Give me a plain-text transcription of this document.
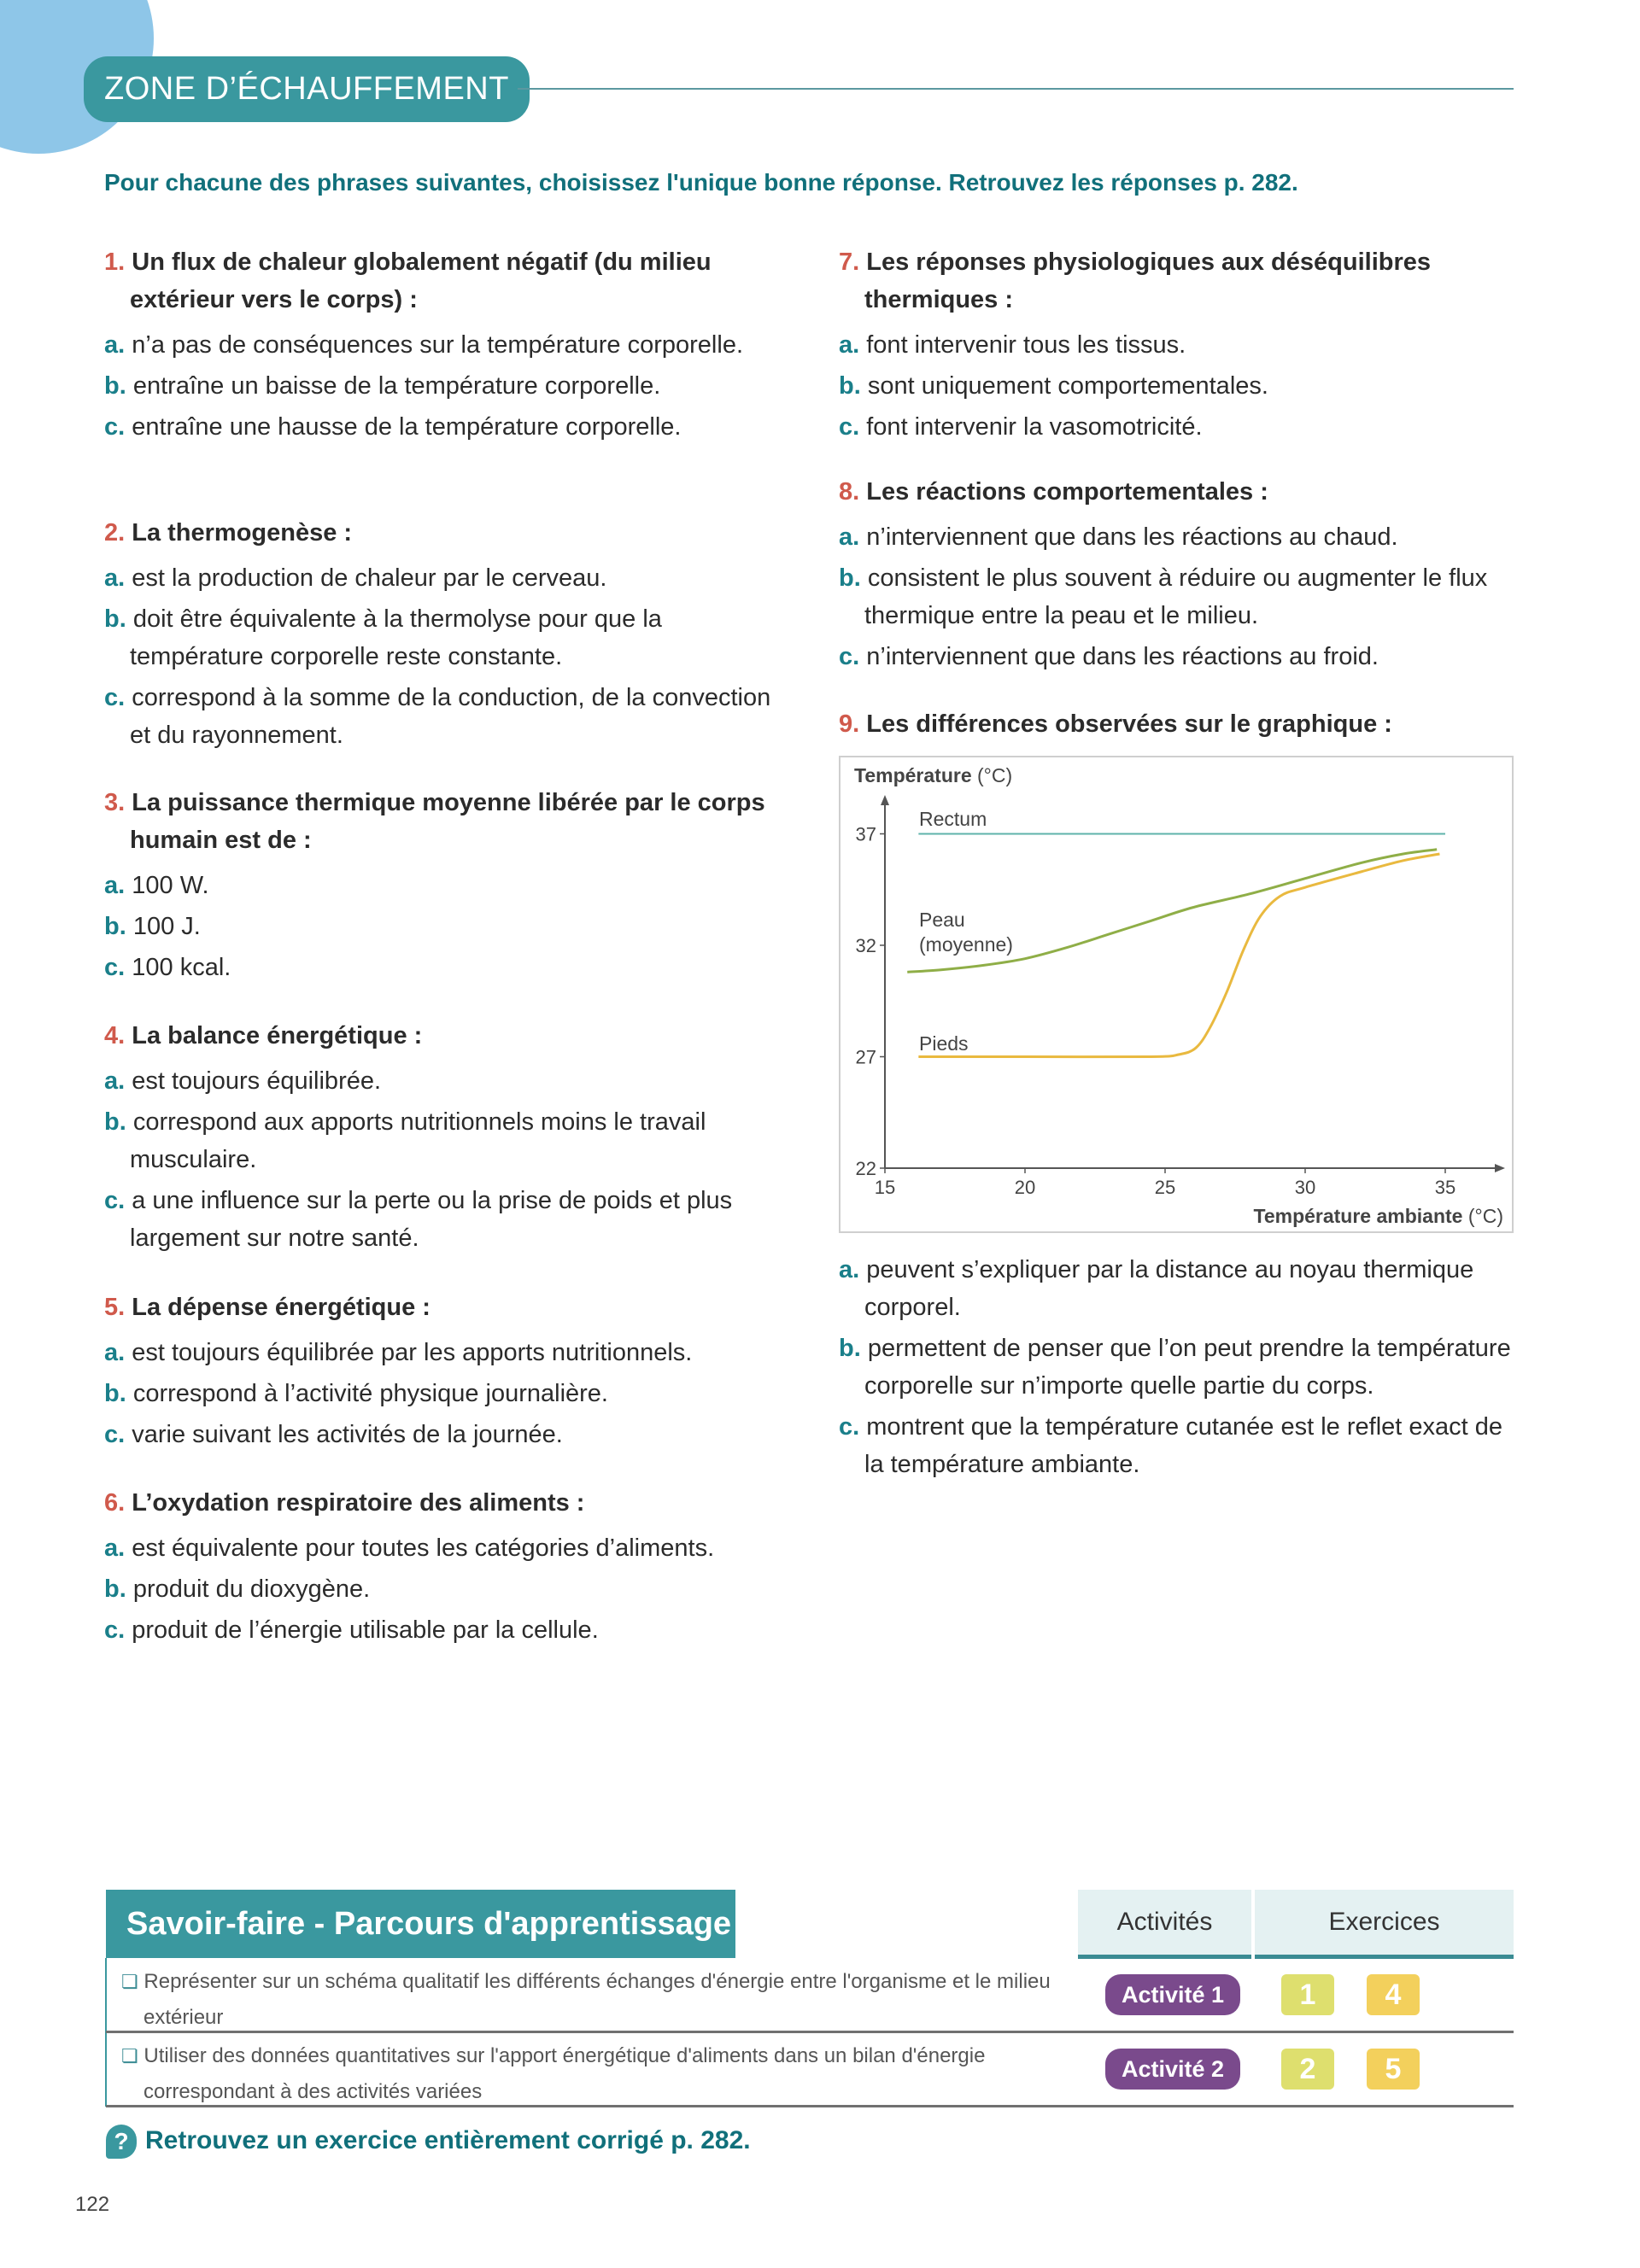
ZONE D’ÉCHAUFFEMENT
Pour chacune des phrases suivantes, choisissez l'unique bonne réponse. Retrouvez les réponses p. 282.
1. Un flux de chaleur globalement négatif (du milieu extérieur vers le corps) :
a. n’a pas de conséquences sur la température corporelle.
b. entraîne un baisse de la température corporelle.
c. entraîne une hausse de la température corporelle.
2. La thermogenèse :
a. est la production de chaleur par le cerveau.
b. doit être équivalente à la thermolyse pour que la température corporelle reste constante.
c. correspond à la somme de la conduction, de la convection et du rayonnement.
3. La puissance thermique moyenne libérée par le corps humain est de :
a. 100 W.
b. 100 J.
c. 100 kcal.
4. La balance énergétique :
a. est toujours équilibrée.
b. correspond aux apports nutritionnels moins le travail musculaire.
c. a une influence sur la perte ou la prise de poids et plus largement sur notre santé.
5. La dépense énergétique :
a. est toujours équilibrée par les apports nutritionnels.
b. correspond à l’activité physique journalière.
c. varie suivant les activités de la journée.
6. L’oxydation respiratoire des aliments :
a. est équivalente pour toutes les catégories d’aliments.
b. produit du dioxygène.
c. produit de l’énergie utilisable par la cellule.
7. Les réponses physiologiques aux déséquilibres thermiques :
a. font intervenir tous les tissus.
b. sont uniquement comportementales.
c. font intervenir la vasomotricité.
8. Les réactions comportementales :
a. n’interviennent que dans les réactions au chaud.
b. consistent le plus souvent à réduire ou augmenter le flux thermique entre la peau et le milieu.
c. n’interviennent que dans les réactions au froid.
9. Les différences observées sur le graphique :
a. peuvent s’expliquer par la distance au noyau thermique corporel.
b. permettent de penser que l’on peut prendre la température corporelle sur n’importe quelle partie du corps.
c. montrent que la température cutanée est le reflet exact de la température ambiante.
15	20	25	30	35
22
27
32
37
Température (°C)
Température ambiante (°C)
Rectum
Peau
(moyenne)
Pieds
Savoir-faire - Parcours d'apprentissage	Activités	Exercices
❏ Représenter sur un schéma qualitatif les différents échanges d'énergie entre l'organisme et le milieu extérieur
Activité 1	1	4
❏ Utiliser des données quantitatives sur l'apport énergétique d'aliments dans un bilan d'énergie correspondant à des activités variées
Activité 2	2	5
? Retrouvez un exercice entièrement corrigé p. 282.
122
